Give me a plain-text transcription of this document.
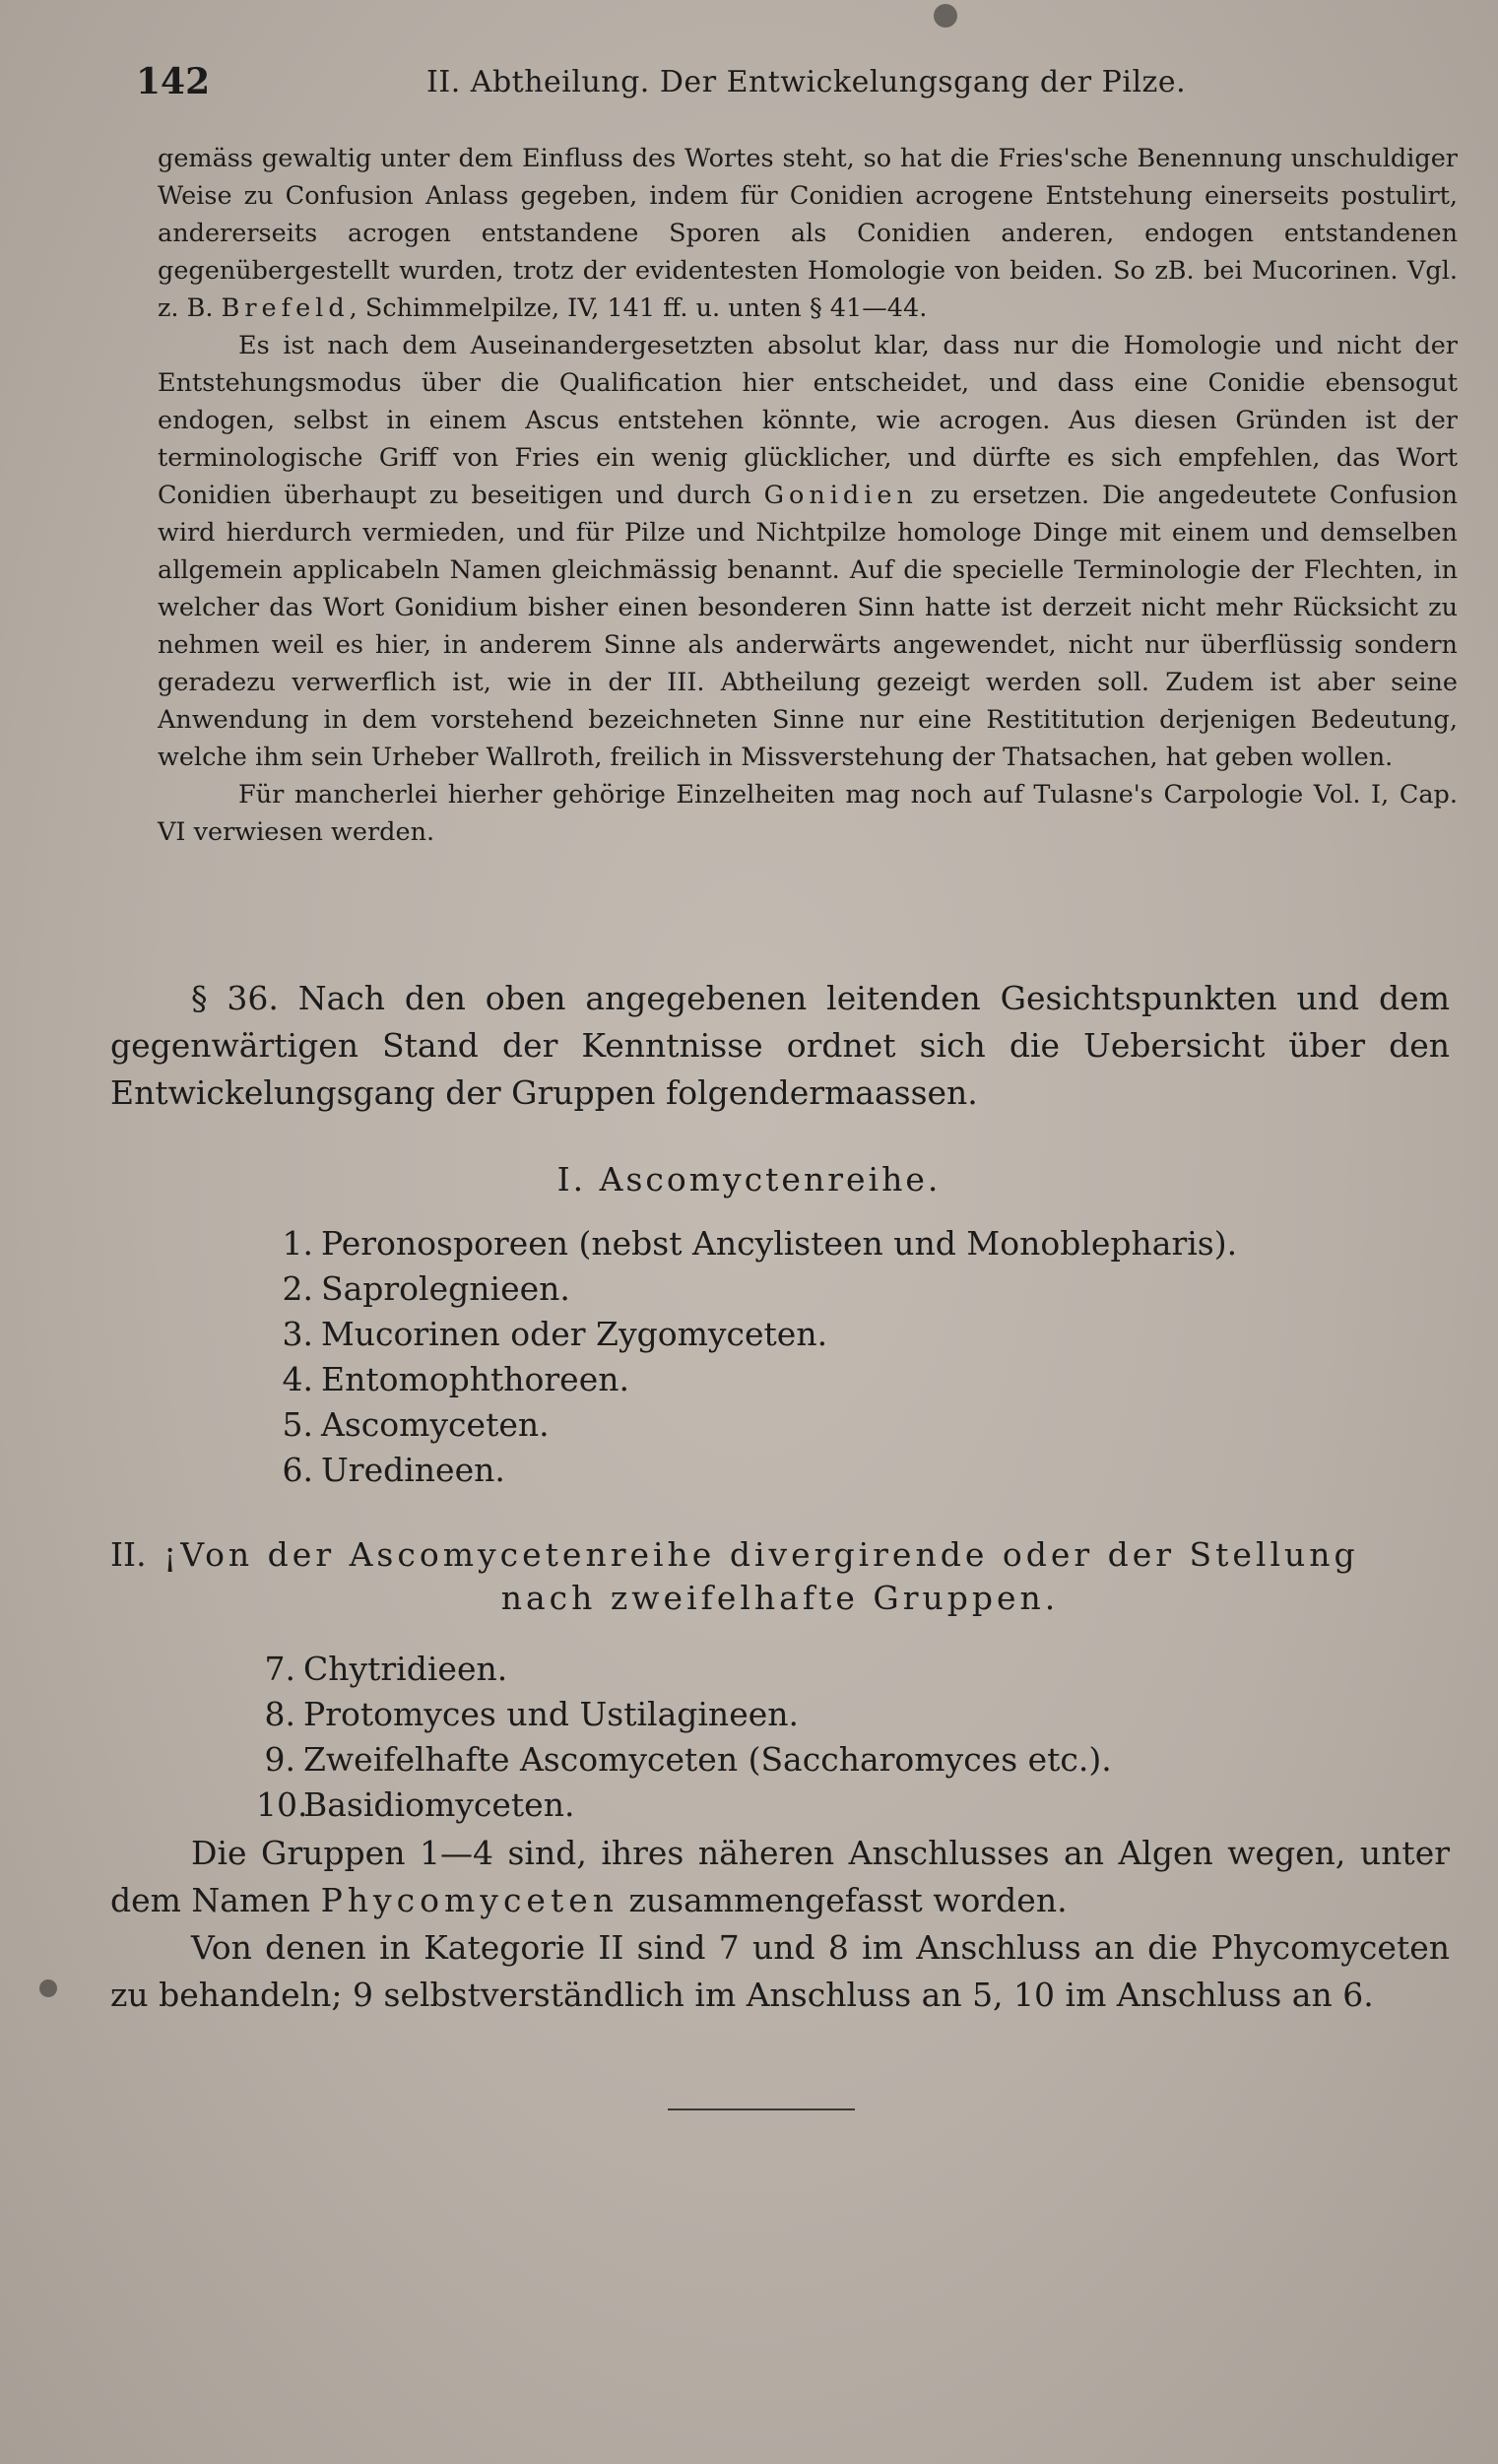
142	II. Abtheilung. Der Entwickelungsgang der Pilze.

gemäss gewaltig unter dem Einfluss des Wortes steht, so hat die Fries'sche Benennung unschuldiger Weise zu Confusion Anlass gegeben, indem für Conidien acrogene Entstehung einerseits postulirt, andererseits acrogen entstandene Sporen als Conidien anderen, endogen entstandenen gegenübergestellt wurden, trotz der evidentesten Homologie von beiden. So zB. bei Mucorinen. Vgl. z. B. Brefeld, Schimmelpilze, IV, 141 ff. u. unten § 41—44.

Es ist nach dem Auseinandergesetzten absolut klar, dass nur die Homologie und nicht der Entstehungsmodus über die Qualification hier entscheidet, und dass eine Conidie ebensogut endogen, selbst in einem Ascus entstehen könnte, wie acrogen. Aus diesen Gründen ist der terminologische Griff von Fries ein wenig glücklicher, und dürfte es sich empfehlen, das Wort Conidien überhaupt zu beseitigen und durch Gonidien zu ersetzen. Die angedeutete Confusion wird hierdurch vermieden, und für Pilze und Nichtpilze homologe Dinge mit einem und demselben allgemein applicabeln Namen gleichmässig benannt. Auf die specielle Terminologie der Flechten, in welcher das Wort Gonidium bisher einen besonderen Sinn hatte ist derzeit nicht mehr Rücksicht zu nehmen weil es hier, in anderem Sinne als anderwärts angewendet, nicht nur überflüssig sondern geradezu verwerflich ist, wie in der III. Abtheilung gezeigt werden soll. Zudem ist aber seine Anwendung in dem vorstehend bezeichneten Sinne nur eine Restititution derjenigen Bedeutung, welche ihm sein Urheber Wallroth, freilich in Missverstehung der Thatsachen, hat geben wollen.

Für mancherlei hierher gehörige Einzelheiten mag noch auf Tulasne's Carpologie Vol. I, Cap. VI verwiesen werden.

§ 36. Nach den oben angegebenen leitenden Gesichtspunkten und dem gegenwärtigen Stand der Kenntnisse ordnet sich die Uebersicht über den Entwickelungsgang der Gruppen folgendermaassen.

I. Ascomyctenreihe.
1. Peronosporeen (nebst Ancylisteen und Monoblepharis).
2. Saprolegnieen.
3. Mucorinen oder Zygomyceten.
4. Entomophthoreen.
5. Ascomyceten.
6. Uredineen.
II. ¡Von der Ascomycetenreihe divergirende oder der Stellung
nach zweifelhafte Gruppen.
7. Chytridieen.
8. Protomyces und Ustilagineen.
9. Zweifelhafte Ascomyceten (Saccharomyces etc.).
10.
Basidiomyceten.

Die Gruppen 1—4 sind, ihres näheren Anschlusses an Algen wegen, unter dem Namen Phycomyceten zusammengefasst worden.

Von denen in Kategorie II sind 7 und 8 im Anschluss an die Phycomyceten zu behandeln; 9 selbstverständlich im Anschluss an 5, 10 im Anschluss an 6.
